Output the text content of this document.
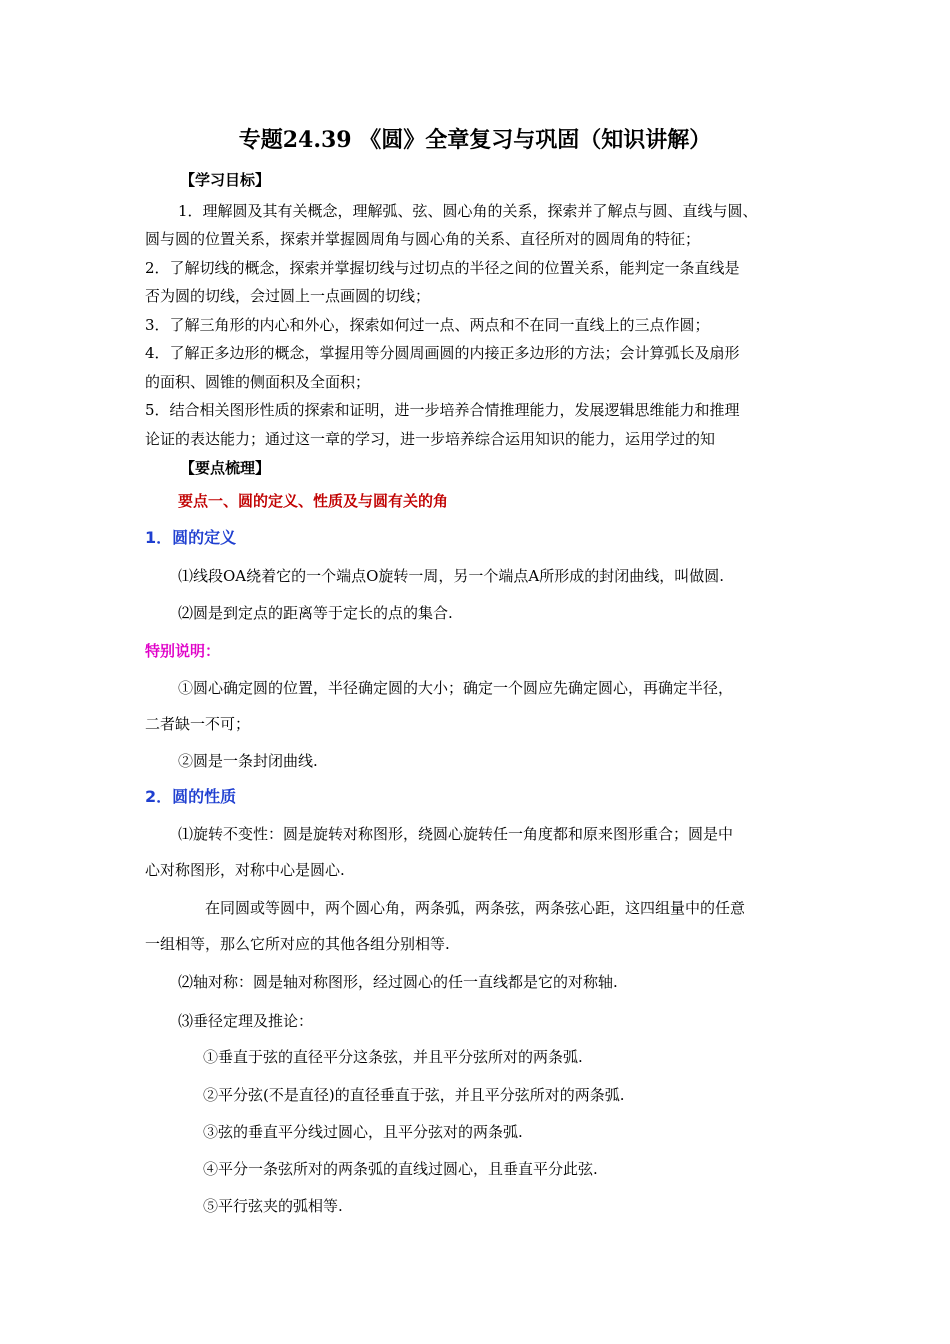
专题24.39 《圆》全章复习与巩固（知识讲解）
【学习目标】
1．理解圆及其有关概念，理解弧、弦、圆心角的关系，探索并了解点与圆、直线与圆、
圆与圆的位置关系，探索并掌握圆周角与圆心角的关系、直径所对的圆周角的特征；
2．了解切线的概念，探索并掌握切线与过切点的半径之间的位置关系，能判定一条直线是
否为圆的切线，会过圆上一点画圆的切线；
3．了解三角形的内心和外心，探索如何过一点、两点和不在同一直线上的三点作圆；
4．了解正多边形的概念，掌握用等分圆周画圆的内接正多边形的方法；会计算弧长及扇形
的面积、圆锥的侧面积及全面积；
5．结合相关图形性质的探索和证明，进一步培养合情推理能力，发展逻辑思维能力和推理
论证的表达能力；通过这一章的学习，进一步培养综合运用知识的能力，运用学过的知
【要点梳理】
要点一、圆的定义、性质及与圆有关的角
1．圆的定义
⑴线段OA绕着它的一个端点O旋转一周，另一个端点A所形成的封闭曲线，叫做圆.
⑵圆是到定点的距离等于定长的点的集合.
特别说明：
①圆心确定圆的位置，半径确定圆的大小；确定一个圆应先确定圆心，再确定半径，
二者缺一不可；
②圆是一条封闭曲线.
2．圆的性质
⑴旋转不变性：圆是旋转对称图形，绕圆心旋转任一角度都和原来图形重合；圆是中
心对称图形，对称中心是圆心.
在同圆或等圆中，两个圆心角，两条弧，两条弦，两条弦心距，这四组量中的任意
一组相等，那么它所对应的其他各组分别相等.
⑵轴对称：圆是轴对称图形，经过圆心的任一直线都是它的对称轴.
⑶垂径定理及推论：
①垂直于弦的直径平分这条弦，并且平分弦所对的两条弧.
②平分弦(不是直径)的直径垂直于弦，并且平分弦所对的两条弧.
③弦的垂直平分线过圆心，且平分弦对的两条弧.
④平分一条弦所对的两条弧的直线过圆心，且垂直平分此弦.
⑤平行弦夹的弧相等.
